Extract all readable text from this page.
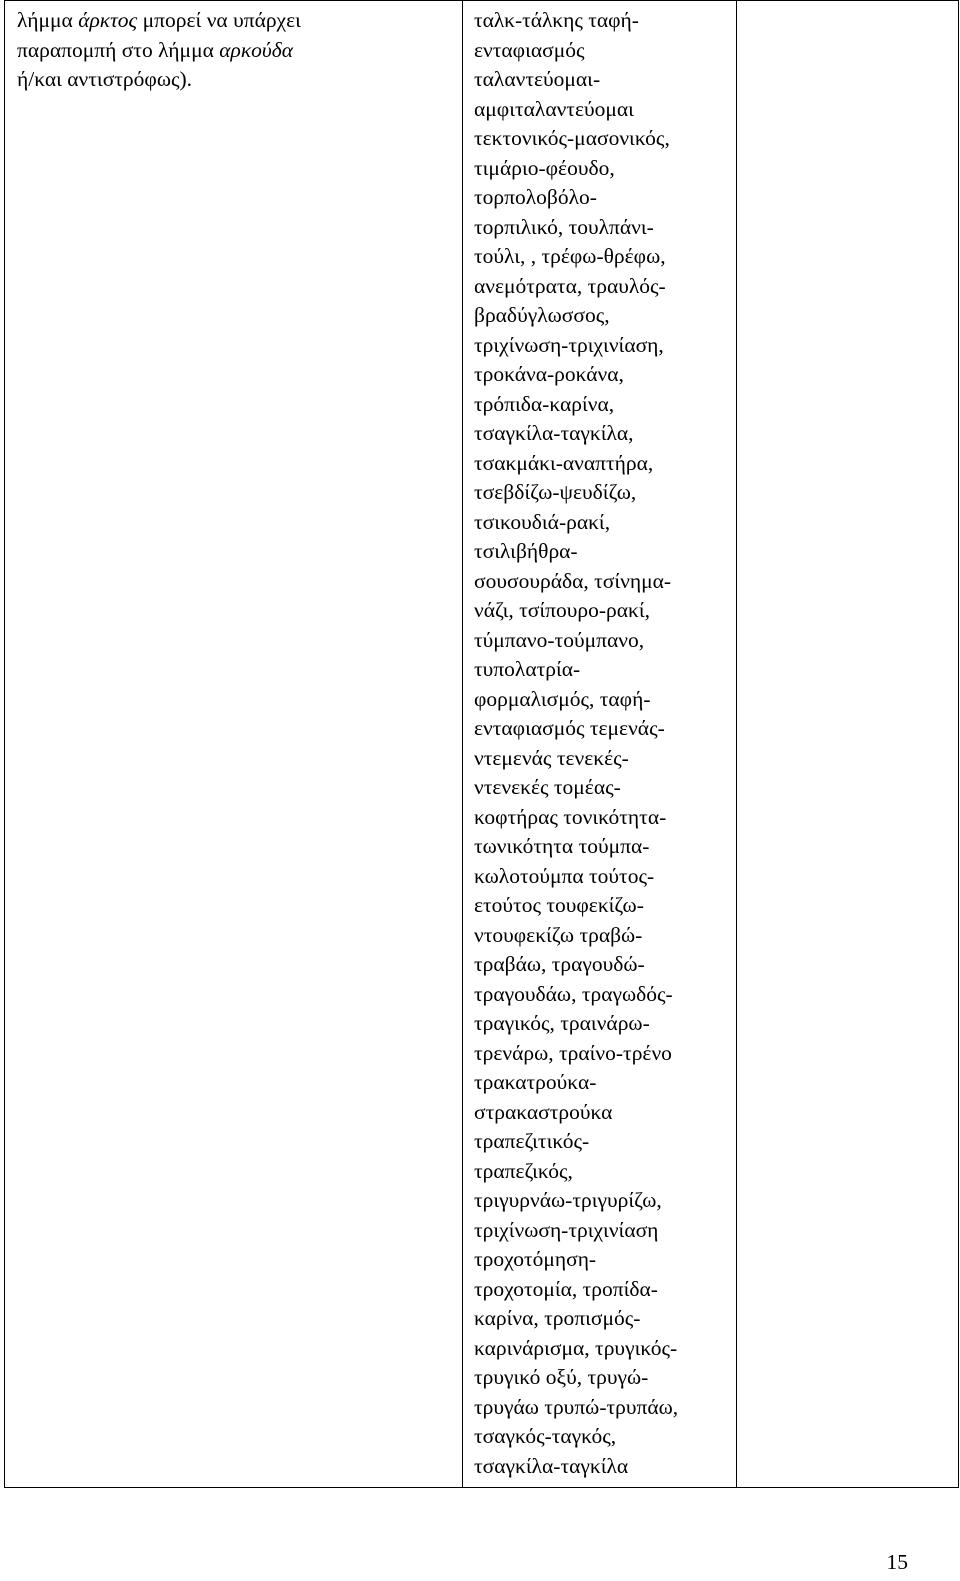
λήμμα άρκτος μπορεί να υπάρχει
παραπομπή στο λήμμα αρκούδα
ή/και αντιστρόφως).

ταλκ-τάλκης ταφή-
ενταφιασμός
ταλαντεύομαι-
αμφιταλαντεύομαι
τεκτονικός-μασονικός,
τιμάριο-φέουδο,
τορπολοβόλο-
τορπιλικό, τουλπάνι-
τούλι, , τρέφω-θρέφω,
ανεμότρατα, τραυλός-
βραδύγλωσσος,
τριχίνωση-τριχινίαση,
τροκάνα-ροκάνα,
τρόπιδα-καρίνα,
τσαγκίλα-ταγκίλα,
τσακμάκι-αναπτήρα,
τσεβδίζω-ψευδίζω,
τσικουδιά-ρακί,
τσιλιβήθρα-
σουσουράδα, τσίνημα-
νάζι, τσίπουρο-ρακί,
τύμπανο-τούμπανο,
τυπολατρία-
φορμαλισμός, ταφή-
ενταφιασμός τεμενάς-
ντεμενάς τενεκές-
ντενεκές τομέας-
κοφτήρας τονικότητα-
τωνικότητα τούμπα-
κωλοτούμπα τούτος-
ετούτος τουφεκίζω-
ντουφεκίζω τραβώ-
τραβάω, τραγουδώ-
τραγουδάω, τραγωδός-
τραγικός, τραινάρω-
τρενάρω, τραίνο-τρένο
τρακατρούκα-
στρακαστρούκα
τραπεζιτικός-
τραπεζικός,
τριγυρνάω-τριγυρίζω,
τριχίνωση-τριχινίαση
τροχοτόμηση-
τροχοτομία, τροπίδα-
καρίνα, τροπισμός-
καρινάρισμα, τρυγικός-
τρυγικό οξύ, τρυγώ-
τρυγάω τρυπώ-τρυπάω,
τσαγκός-ταγκός,
τσαγκίλα-ταγκίλα

15
